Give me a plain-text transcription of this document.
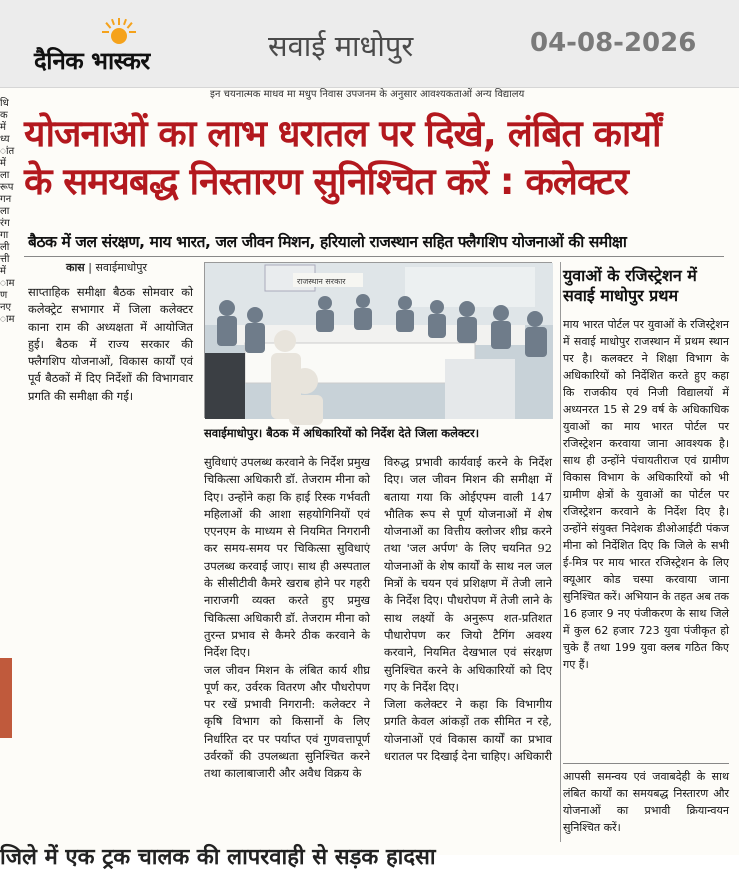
दैनिक भास्कर	सवाई माधोपुर	04-08-2026
इन चयनात्मक माधव मा मधुप निवास उपजनम के अनुसार आवश्यकताओं अन्य विद्यालय
धि
क
में
ध्य
ांत
में
ला
रूप
गन
ला
रंग
गा
ली
त्ती
में
ाम
ण
नए
ाम
योजनाओं का लाभ धरातल पर दिखे, लंबित कार्यों
के समयबद्ध निस्तारण सुनिश्चित करें : कलेक्टर
बैठक में जल संरक्षण, माय भारत, जल जीवन मिशन, हरियालो राजस्थान सहित फ्लैगशिप योजनाओं की समीक्षा
कास | सवाईमाधोपुर

साप्ताहिक समीक्षा बैठक सोमवार को कलेक्ट्रेट सभागार में जिला कलेक्टर काना राम की अध्यक्षता में आयोजित हुई। बैठक में राज्य सरकार की फ्लैगशिप योजनाओं, विकास कार्यों एवं पूर्व बैठकों में दिए निर्देशों की विभागवार प्रगति की समीक्षा की गई।

राजस्थान सरकार
सवाईमाधोपुर। बैठक में अधिकारियों को निर्देश देते जिला कलेक्टर।

सुविधाएं उपलब्ध करवाने के निर्देश प्रमुख चिकित्सा अधिकारी डॉ. तेजराम मीना को दिए। उन्होंने कहा कि हाई रिस्क गर्भवती महिलाओं की आशा सहयोगिनियों एवं एएनएम के माध्यम से नियमित निगरानी कर समय-समय पर चिकित्सा सुविधाएं उपलब्ध करवाई जाए। साथ ही अस्पताल के सीसीटीवी कैमरे खराब होने पर गहरी नाराजगी व्यक्त करते हुए प्रमुख चिकित्सा अधिकारी डॉ. तेजराम मीना को तुरन्त प्रभाव से कैमरे ठीक करवाने के निर्देश दिए।

जल जीवन मिशन के लंबित कार्य शीघ्र पूर्ण कर, उर्वरक वितरण और पौधरोपण पर रखें प्रभावी निगरानी: कलेक्टर ने कृषि विभाग को किसानों के लिए निर्धारित दर पर पर्याप्त एवं गुणवत्तापूर्ण उर्वरकों की उपलब्धता सुनिश्चित करने तथा कालाबाजारी और अवैध विक्रय के

विरुद्ध प्रभावी कार्यवाई करने के निर्देश दिए। जल जीवन मिशन की समीक्षा में बताया गया कि ओईएफ्म वाली 147 भौतिक रूप से पूर्ण योजनाओं में शेष योजनाओं का वित्तीय क्लोजर शीघ्र करने तथा 'जल अर्पण' के लिए चयनित 92 योजनाओं के शेष कार्यों के साथ नल जल मित्रों के चयन एवं प्रशिक्षण में तेजी लाने के निर्देश दिए। पौधरोपण में तेजी लाने के साथ लक्ष्यों के अनुरूप शत-प्रतिशत पौधारोपण कर जियो टैगिंग अवश्य करवाने, नियमित देखभाल एवं संरक्षण सुनिश्चित करने के अधिकारियों को दिए गए के निर्देश दिए।

जिला कलेक्टर ने कहा कि विभागीय प्रगति केवल आंकड़ों तक सीमित न रहे, योजनाओं एवं विकास कार्यों का प्रभाव धरातल पर दिखाई देना चाहिए। अधिकारी

युवाओं के रजिस्ट्रेशन में सवाई माधोपुर प्रथम

माय भारत पोर्टल पर युवाओं के रजिस्ट्रेशन में सवाई माधोपुर राजस्थान में प्रथम स्थान पर है। कलक्टर ने शिक्षा विभाग के अधिकारियों को निर्देशित करते हुए कहा कि राजकीय एवं निजी विद्यालयों में अध्यनरत 15 से 29 वर्ष के अधिकाधिक युवाओं का माय भारत पोर्टल पर रजिस्ट्रेशन करवाया जाना आवश्यक है। साथ ही उन्होंने पंचायतीराज एवं ग्रामीण विकास विभाग के अधिकारियों को भी ग्रामीण क्षेत्रों के युवाओं का पोर्टल पर रजिस्ट्रेशन करवाने के निर्देश दिए है। उन्होंने संयुक्त निदेशक डीओआईटी पंकज मीना को निर्देशित दिए कि जिले के सभी ई-मित्र पर माय भारत रजिस्ट्रेशन के लिए क्यूआर कोड चस्पा करवाया जाना सुनिश्चित करें। अभियान के तहत अब तक 16 हजार 9 नए पंजीकरण के साथ जिले में कुल 62 हजार 723 युवा पंजीकृत हो चुके हैं तथा 199 युवा क्लब गठित किए गए हैं।

आपसी समन्वय एवं जवाबदेही के साथ लंबित कार्यों का समयबद्ध निस्तारण और योजनाओं का प्रभावी क्रियान्वयन सुनिश्चित करें।

जिले में एक ट्रक चालक की लापरवाही से सड़क हादसा
